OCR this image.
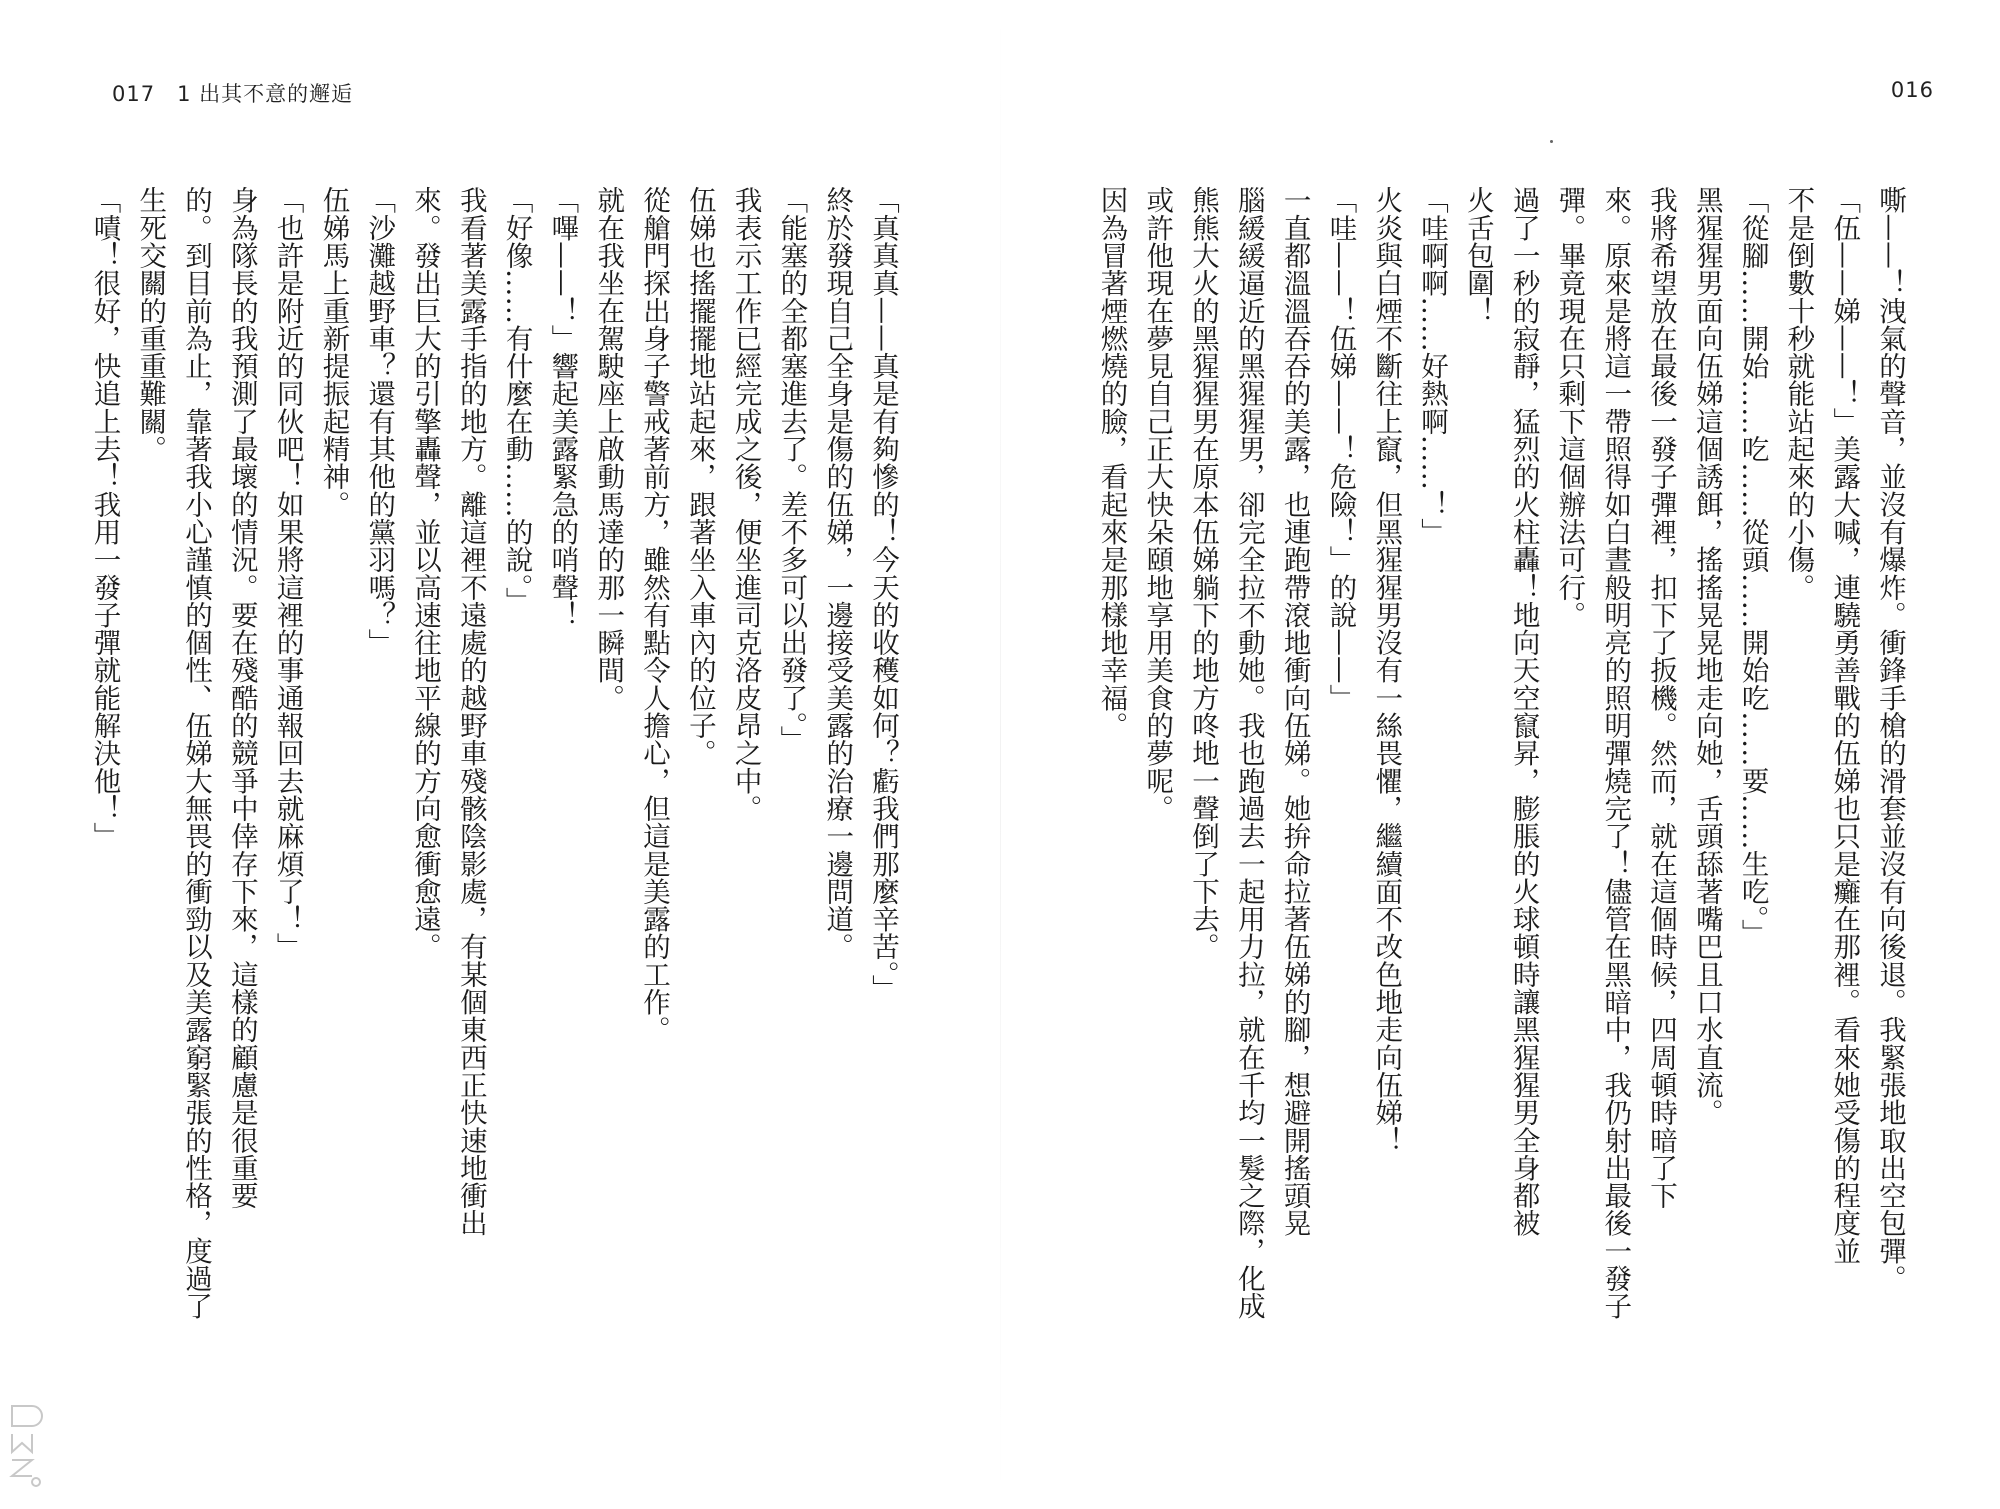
017 1 出其不意的邂逅	016

嘶——！洩氣的聲音，並沒有爆炸。衝鋒手槍的滑套並沒有向後退。我緊張地取出空包彈。

「伍——娣——！」美露大喊，連驍勇善戰的伍娣也只是癱在那裡。看來她受傷的程度並

不是倒數十秒就能站起來的小傷。

「從腳……開始……吃……從頭……開始吃……要……生吃。」

黑猩猩男面向伍娣這個誘餌，搖搖晃晃地走向她，舌頭舔著嘴巴且口水直流。

我將希望放在最後一發子彈裡，扣下了扳機。然而，就在這個時候，四周頓時暗了下

來。原來是將這一帶照得如白晝般明亮的照明彈燒完了！儘管在黑暗中，我仍射出最後一發子

彈。畢竟現在只剩下這個辦法可行。

過了一秒的寂靜，猛烈的火柱轟！地向天空竄昇，膨脹的火球頓時讓黑猩猩男全身都被

火舌包圍！

「哇啊啊……好熱啊……！」

火炎與白煙不斷往上竄，但黑猩猩男沒有一絲畏懼，繼續面不改色地走向伍娣！

「哇——！伍娣——！危險！」的說——」

一直都溫溫吞吞的美露，也連跑帶滾地衝向伍娣。她拚命拉著伍娣的腳，想避開搖頭晃

腦緩緩逼近的黑猩猩男，卻完全拉不動她。我也跑過去一起用力拉，就在千均一髮之際，化成

熊熊大火的黑猩猩男在原本伍娣躺下的地方咚地一聲倒了下去。

或許他現在夢見自己正大快朵頤地享用美食的夢呢。

因為冒著煙燃燒的臉，看起來是那樣地幸福。

「真真真——真是有夠慘的！今天的收穫如何？虧我們那麼辛苦。」

終於發現自己全身是傷的伍娣，一邊接受美露的治療一邊問道。

「能塞的全都塞進去了。差不多可以出發了。」

我表示工作已經完成之後，便坐進司克洛皮昂之中。

伍娣也搖擺擺地站起來，跟著坐入車內的位子。

從艙門探出身子警戒著前方，雖然有點令人擔心，但這是美露的工作。

就在我坐在駕駛座上啟動馬達的那一瞬間。

「嗶——！」響起美露緊急的哨聲！

「好像……有什麼在動……的說。」

我看著美露手指的地方。離這裡不遠處的越野車殘骸陰影處，有某個東西正快速地衝出

來。發出巨大的引擎轟聲，並以高速往地平線的方向愈衝愈遠。

「沙灘越野車？還有其他的黨羽嗎？」

伍娣馬上重新提振起精神。

「也許是附近的同伙吧！如果將這裡的事通報回去就麻煩了！」

身為隊長的我預測了最壞的情況。要在殘酷的競爭中倖存下來，這樣的顧慮是很重要

的。到目前為止，靠著我小心謹慎的個性、伍娣大無畏的衝勁以及美露窮緊張的性格，度過了

生死交關的重重難關。

「嘖！很好，快追上去！我用一發子彈就能解決他！」
